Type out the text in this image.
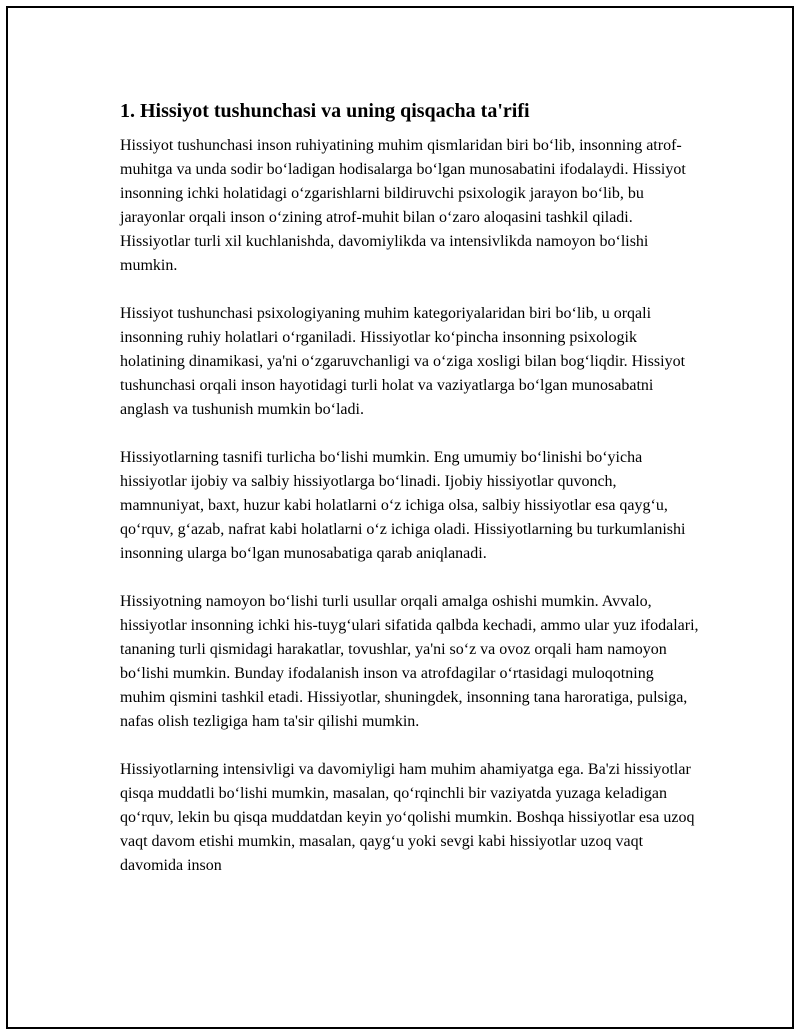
1. Hissiyot tushunchasi va uning qisqacha ta'rifi

Hissiyot tushunchasi inson ruhiyatining muhim qismlaridan biri bo‘lib, insonning atrof-muhitga va unda sodir bo‘ladigan hodisalarga bo‘lgan munosabatini ifodalaydi. Hissiyot insonning ichki holatidagi o‘zgarishlarni bildiruvchi psixologik jarayon bo‘lib, bu jarayonlar orqali inson o‘zining atrof-muhit bilan o‘zaro aloqasini tashkil qiladi. Hissiyotlar turli xil kuchlanishda, davomiylikda va intensivlikda namoyon bo‘lishi mumkin.

Hissiyot tushunchasi psixologiyaning muhim kategoriyalaridan biri bo‘lib, u orqali insonning ruhiy holatlari o‘rganiladi. Hissiyotlar ko‘pincha insonning psixologik holatining dinamikasi, ya'ni o‘zgaruvchanligi va o‘ziga xosligi bilan bog‘liqdir. Hissiyot tushunchasi orqali inson hayotidagi turli holat va vaziyatlarga bo‘lgan munosabatni anglash va tushunish mumkin bo‘ladi.

Hissiyotlarning tasnifi turlicha bo‘lishi mumkin. Eng umumiy bo‘linishi bo‘yicha hissiyotlar ijobiy va salbiy hissiyotlarga bo‘linadi. Ijobiy hissiyotlar quvonch, mamnuniyat, baxt, huzur kabi holatlarni o‘z ichiga olsa, salbiy hissiyotlar esa qayg‘u, qo‘rquv, g‘azab, nafrat kabi holatlarni o‘z ichiga oladi. Hissiyotlarning bu turkumlanishi insonning ularga bo‘lgan munosabatiga qarab aniqlanadi.

Hissiyotning namoyon bo‘lishi turli usullar orqali amalga oshishi mumkin. Avvalo, hissiyotlar insonning ichki his-tuyg‘ulari sifatida qalbda kechadi, ammo ular yuz ifodalari, tananing turli qismidagi harakatlar, tovushlar, ya'ni so‘z va ovoz orqali ham namoyon bo‘lishi mumkin. Bunday ifodalanish inson va atrofdagilar o‘rtasidagi muloqotning muhim qismini tashkil etadi. Hissiyotlar, shuningdek, insonning tana haroratiga, pulsiga, nafas olish tezligiga ham ta'sir qilishi mumkin.

Hissiyotlarning intensivligi va davomiyligi ham muhim ahamiyatga ega. Ba'zi hissiyotlar qisqa muddatli bo‘lishi mumkin, masalan, qo‘rqinchli bir vaziyatda yuzaga keladigan qo‘rquv, lekin bu qisqa muddatdan keyin yo‘qolishi mumkin. Boshqa hissiyotlar esa uzoq vaqt davom etishi mumkin, masalan, qayg‘u yoki sevgi kabi hissiyotlar uzoq vaqt davomida inson
